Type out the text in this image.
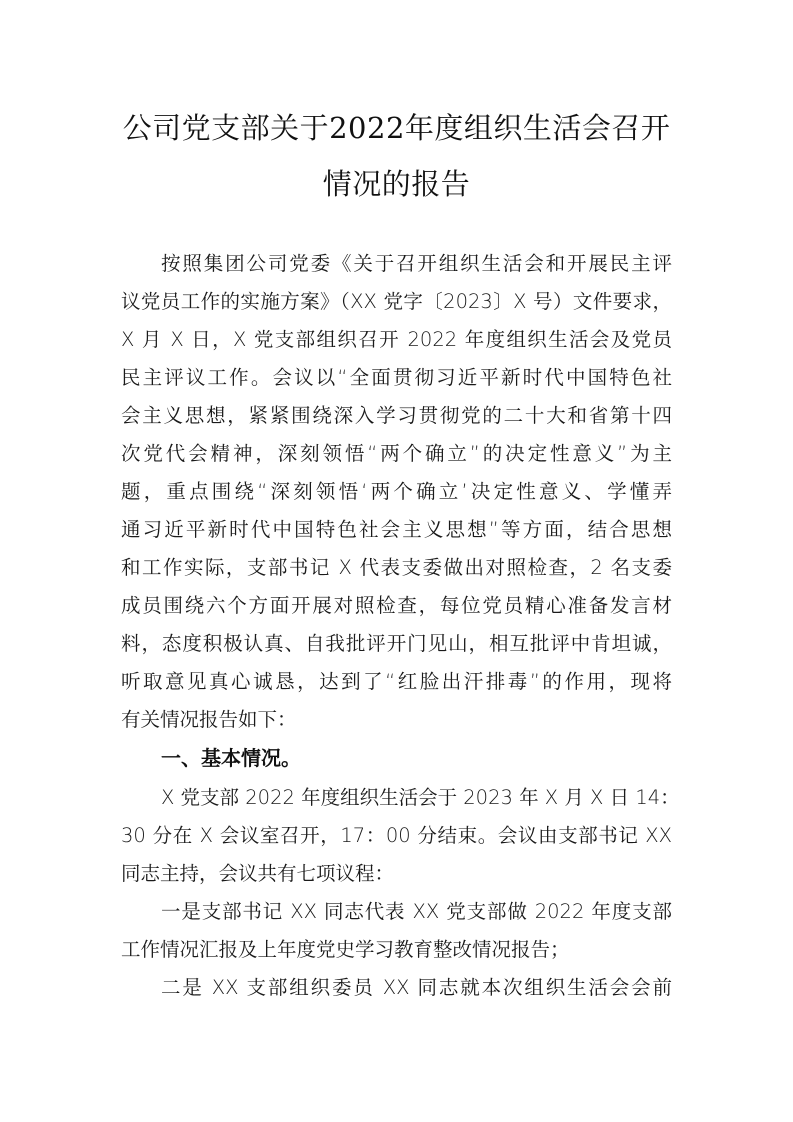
公司党支部关于2022年度组织生活会召开
情况的报告
按照集团公司党委《关于召开组织生活会和开展民主评
议党员工作的实施方案》（XX 党字〔2023〕X 号）文件要求，
X 月 X 日，X 党支部组织召开 2022 年度组织生活会及党员
民主评议工作。会议以“全面贯彻习近平新时代中国特色社
会主义思想，紧紧围绕深入学习贯彻党的二十大和省第十四
次党代会精神，深刻领悟“两个确立”的决定性意义”为主
题，重点围绕“深刻领悟‘两个确立’决定性意义、学懂弄
通习近平新时代中国特色社会主义思想”等方面，结合思想
和工作实际，支部书记 X 代表支委做出对照检查，2 名支委
成员围绕六个方面开展对照检查，每位党员精心准备发言材
料，态度积极认真、自我批评开门见山，相互批评中肯坦诚，
听取意见真心诚恳，达到了“红脸出汗排毒”的作用，现将
有关情况报告如下：
一、基本情况。
X 党支部 2022 年度组织生活会于 2023 年 X 月 X 日 14：
30 分在 X 会议室召开，17：00 分结束。会议由支部书记 XX
同志主持，会议共有七项议程：
一是支部书记 XX 同志代表 XX 党支部做 2022 年度支部
工作情况汇报及上年度党史学习教育整改情况报告；
二是 XX 支部组织委员 XX 同志就本次组织生活会会前
